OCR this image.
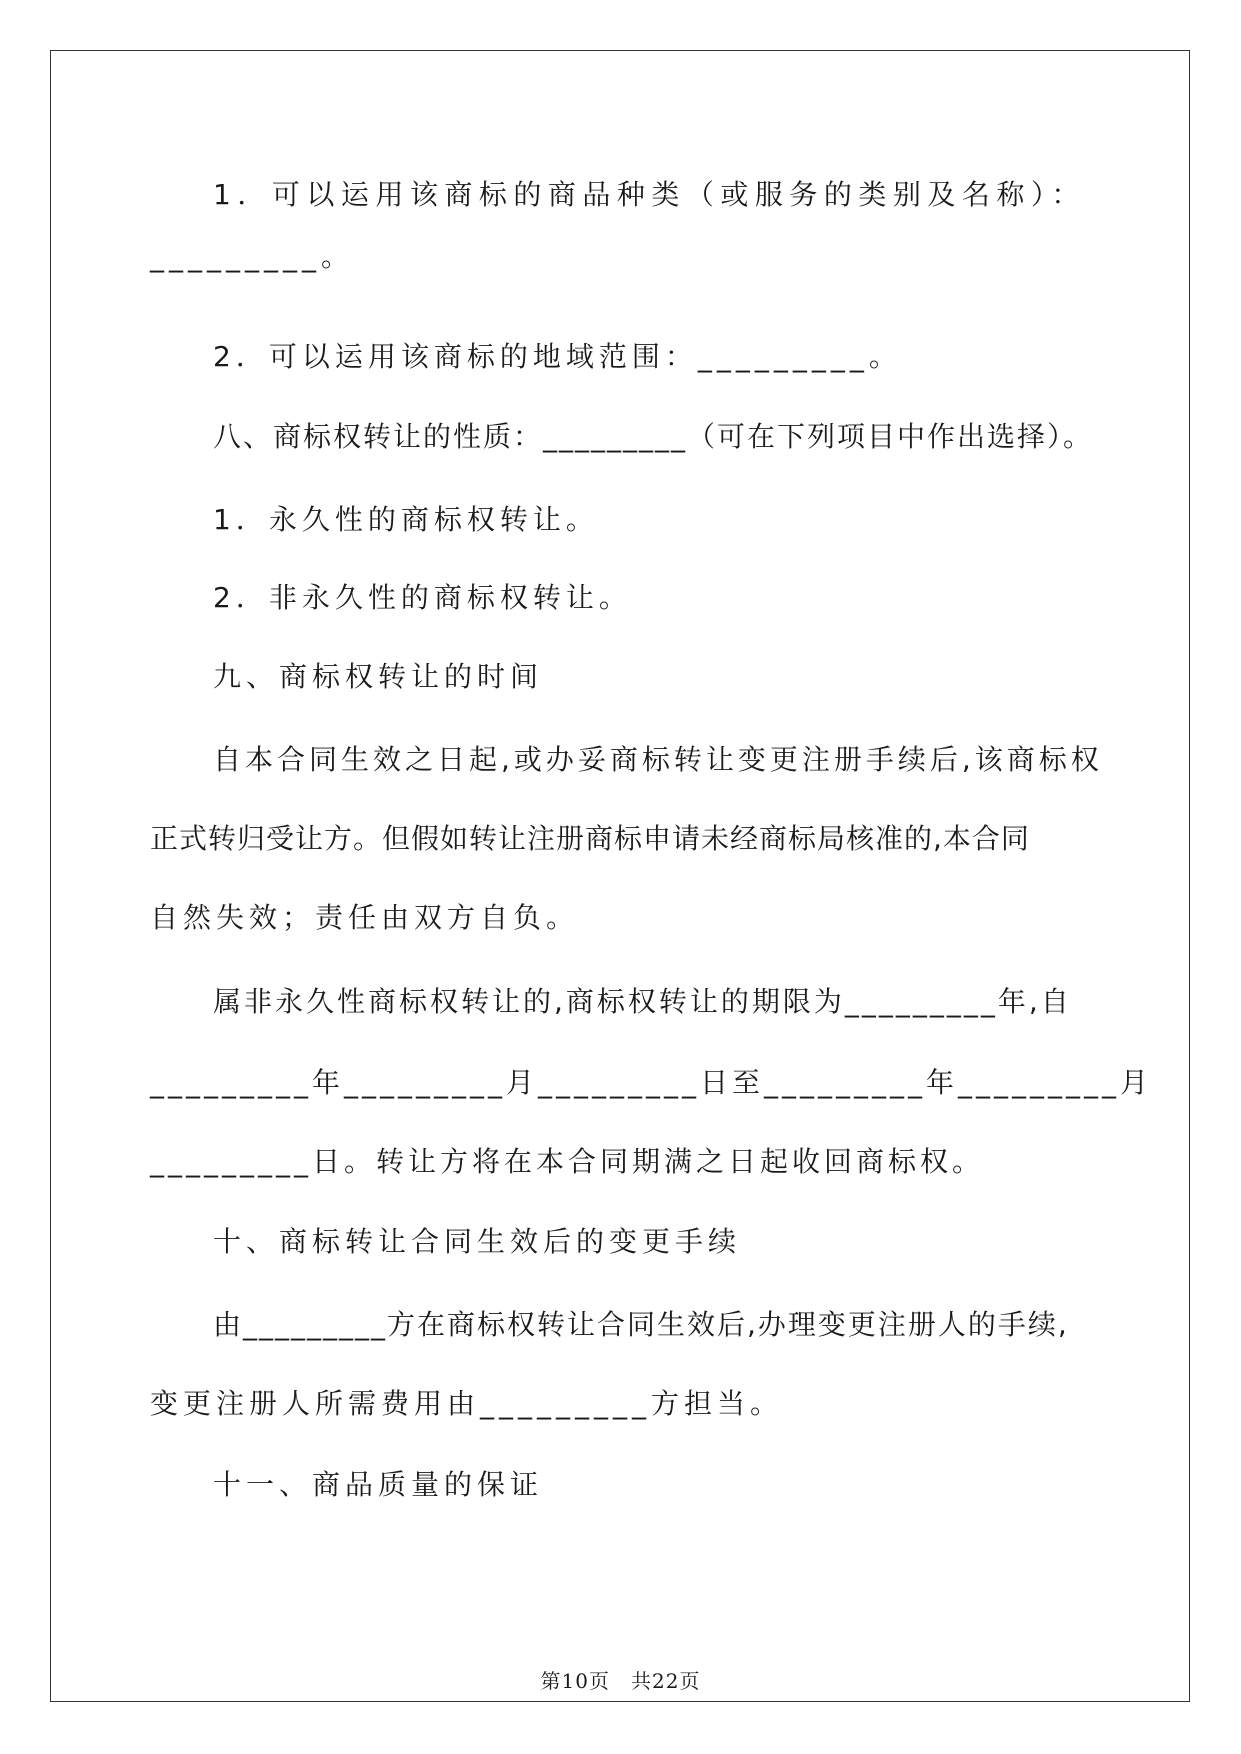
1．可以运用该商标的商品种类（或服务的类别及名称）：
_________。
2．可以运用该商标的地域范围：_________。
八、商标权转让的性质：_________（可在下列项目中作出选择）。
1．永久性的商标权转让。
2．非永久性的商标权转让。
九、商标权转让的时间
自本合同生效之日起,或办妥商标转让变更注册手续后,该商标权
正式转归受让方。但假如转让注册商标申请未经商标局核准的,本合同
自然失效；责任由双方自负。
属非永久性商标权转让的,商标权转让的期限为_________年,自
_________年_________月_________日至_________年_________月
_________日。转让方将在本合同期满之日起收回商标权。
十、商标转让合同生效后的变更手续
由_________方在商标权转让合同生效后,办理变更注册人的手续,
变更注册人所需费用由_________方担当。
十一、商品质量的保证
第10页　共22页
